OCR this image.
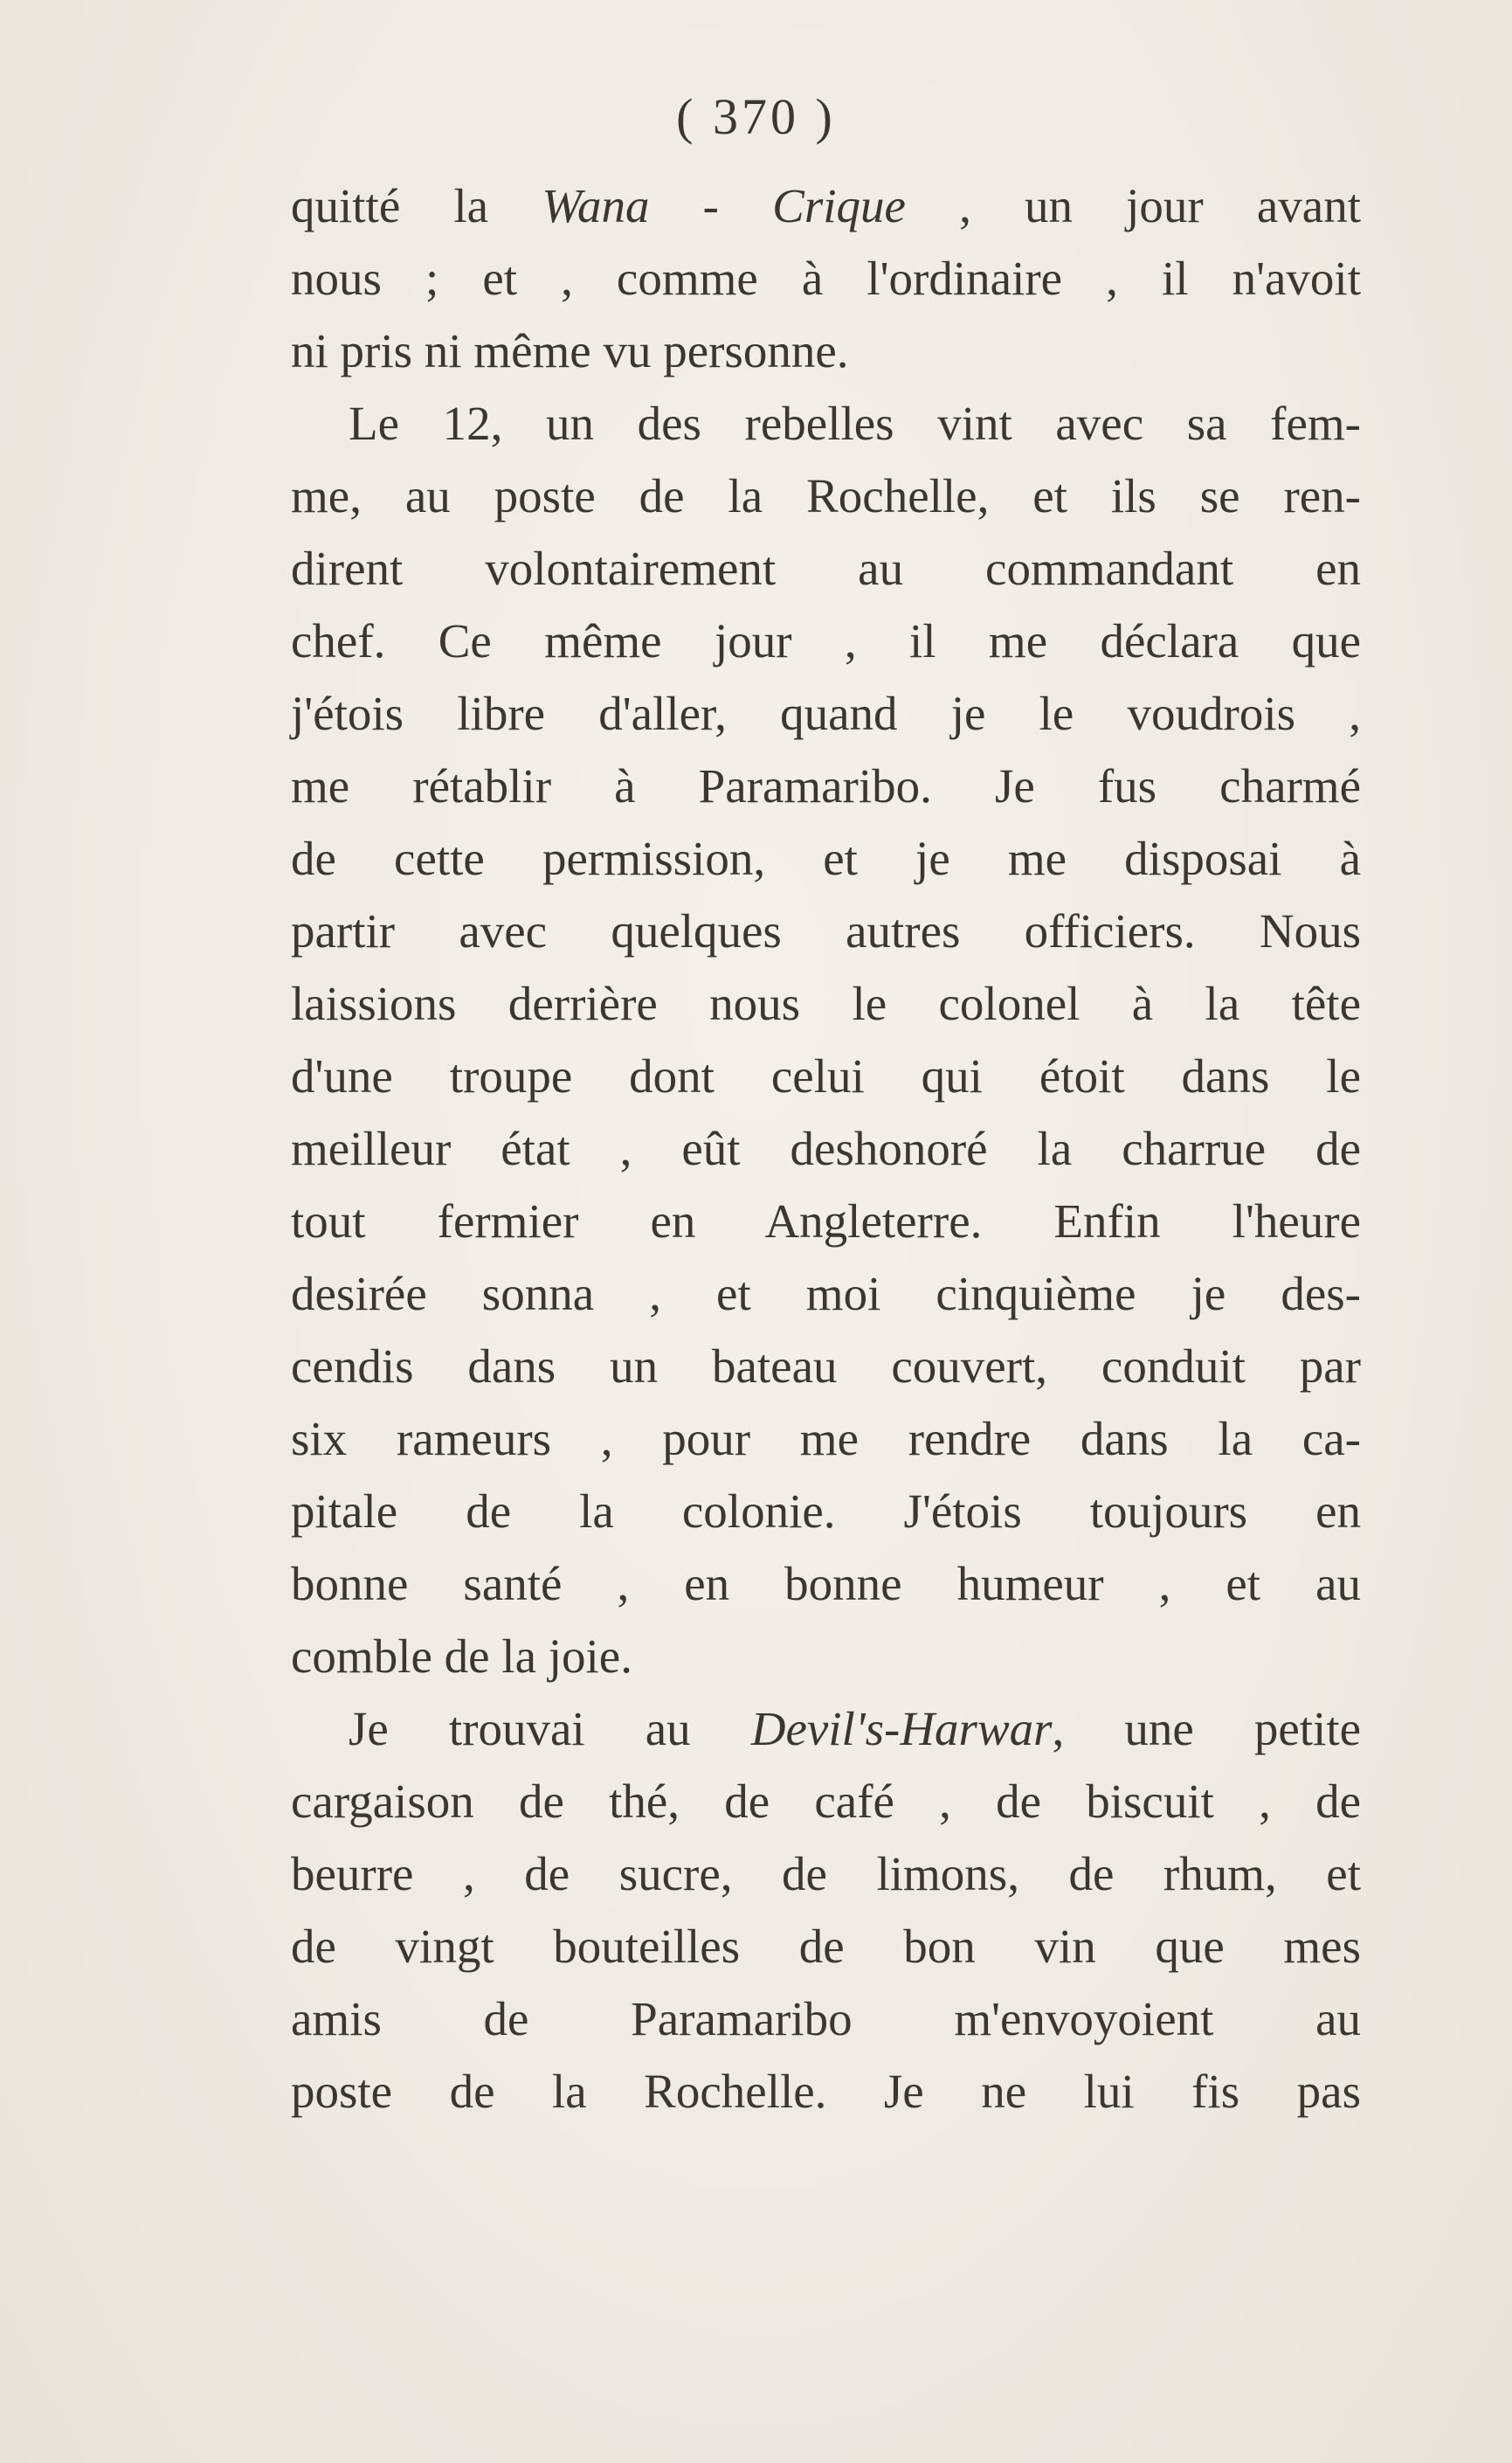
( 370 )
quitté la Wana - Crique , un jour avant
nous ; et , comme à l'ordinaire , il n'avoit
ni pris ni même vu personne.
Le 12, un des rebelles vint avec sa fem-
me, au poste de la Rochelle, et ils se ren-
dirent volontairement au commandant en
chef. Ce même jour , il me déclara que
j'étois libre d'aller, quand je le voudrois ,
me rétablir à Paramaribo. Je fus charmé
de cette permission, et je me disposai à
partir avec quelques autres officiers. Nous
laissions derrière nous le colonel à la tête
d'une troupe dont celui qui étoit dans le
meilleur état , eût deshonoré la charrue de
tout fermier en Angleterre. Enfin l'heure
desirée sonna , et moi cinquième je des-
cendis dans un bateau couvert, conduit par
six rameurs , pour me rendre dans la ca-
pitale de la colonie. J'étois toujours en
bonne santé , en bonne humeur , et au
comble de la joie.
Je trouvai au Devil's-Harwar, une petite
cargaison de thé, de café , de biscuit , de
beurre , de sucre, de limons, de rhum, et
de vingt bouteilles de bon vin que mes
amis de Paramaribo m'envoyoient au
poste de la Rochelle. Je ne lui fis pas
